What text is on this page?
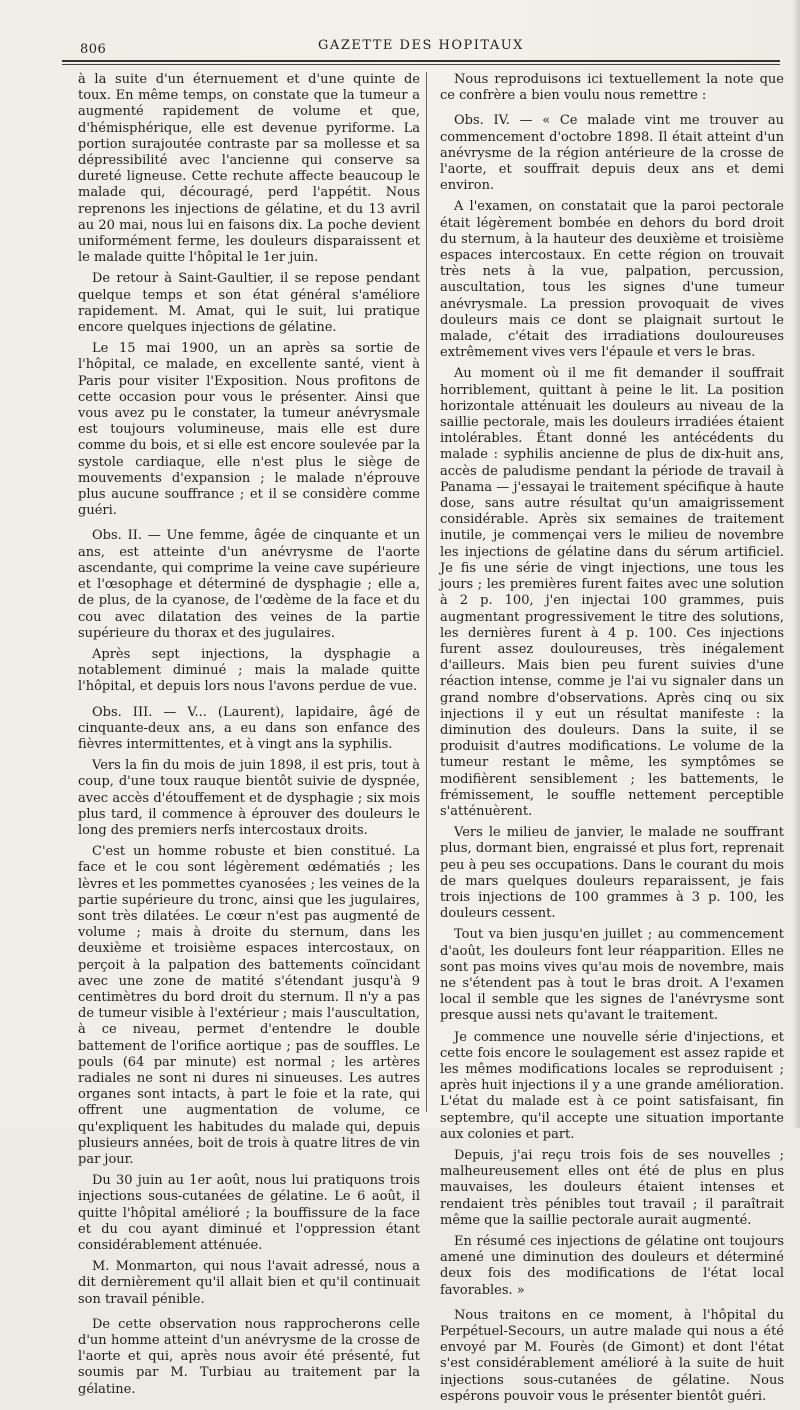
806	GAZETTE DES HOPITAUX

à la suite d'un éternuement et d'une quinte de toux. En même temps, on constate que la tumeur a augmenté rapidement de volume et que, d'hémisphérique, elle est devenue pyriforme. La portion surajoutée contraste par sa mollesse et sa dépressibilité avec l'ancienne qui conserve sa dureté ligneuse. Cette rechute affecte beaucoup le malade qui, découragé, perd l'appétit. Nous reprenons les injections de gélatine, et du 13 avril au 20 mai, nous lui en faisons dix. La poche devient uniformément ferme, les douleurs disparaissent et le malade quitte l'hôpital le 1er juin.

De retour à Saint-Gaultier, il se repose pendant quelque temps et son état général s'améliore rapidement. M. Amat, qui le suit, lui pratique encore quelques injections de gélatine.

Le 15 mai 1900, un an après sa sortie de l'hôpital, ce malade, en excellente santé, vient à Paris pour visiter l'Exposition. Nous profitons de cette occasion pour vous le présenter. Ainsi que vous avez pu le constater, la tumeur anévrysmale est toujours volumineuse, mais elle est dure comme du bois, et si elle est encore soulevée par la systole cardiaque, elle n'est plus le siège de mouvements d'expansion ; le malade n'éprouve plus aucune souffrance ; et il se considère comme guéri.

Obs. II. — Une femme, âgée de cinquante et un ans, est atteinte d'un anévrysme de l'aorte ascendante, qui comprime la veine cave supérieure et l'œsophage et déterminé de dysphagie ; elle a, de plus, de la cyanose, de l'œdème de la face et du cou avec dilatation des veines de la partie supérieure du thorax et des jugulaires.

Après sept injections, la dysphagie a notablement diminué ; mais la malade quitte l'hôpital, et depuis lors nous l'avons perdue de vue.

Obs. III. — V... (Laurent), lapidaire, âgé de cinquante-deux ans, a eu dans son enfance des fièvres intermittentes, et à vingt ans la syphilis.

Vers la fin du mois de juin 1898, il est pris, tout à coup, d'une toux rauque bientôt suivie de dyspnée, avec accès d'étouffement et de dysphagie ; six mois plus tard, il commence à éprouver des douleurs le long des premiers nerfs intercostaux droits.

C'est un homme robuste et bien constitué. La face et le cou sont légèrement œdématiés ; les lèvres et les pommettes cyanosées ; les veines de la partie supérieure du tronc, ainsi que les jugulaires, sont très dilatées. Le cœur n'est pas augmenté de volume ; mais à droite du sternum, dans les deuxième et troisième espaces intercostaux, on perçoit à la palpation des battements coïncidant avec une zone de matité s'étendant jusqu'à 9 centimètres du bord droit du sternum. Il n'y a pas de tumeur visible à l'extérieur ; mais l'auscultation, à ce niveau, permet d'entendre le double battement de l'orifice aortique ; pas de souffles. Le pouls (64 par minute) est normal ; les artères radiales ne sont ni dures ni sinueuses. Les autres organes sont intacts, à part le foie et la rate, qui offrent une augmentation de volume, ce qu'expliquent les habitudes du malade qui, depuis plusieurs années, boit de trois à quatre litres de vin par jour.

Du 30 juin au 1er août, nous lui pratiquons trois injections sous-cutanées de gélatine. Le 6 août, il quitte l'hôpital amélioré ; la bouffissure de la face et du cou ayant diminué et l'oppression étant considérablement atténuée.

M. Monmarton, qui nous l'avait adressé, nous a dit dernièrement qu'il allait bien et qu'il continuait son travail pénible.

De cette observation nous rapprocherons celle d'un homme atteint d'un anévrysme de la crosse de l'aorte et qui, après nous avoir été présenté, fut soumis par M. Turbiau au traitement par la gélatine.

Nous reproduisons ici textuellement la note que ce confrère a bien voulu nous remettre :

Obs. IV. — « Ce malade vint me trouver au commencement d'octobre 1898. Il était atteint d'un anévrysme de la région antérieure de la crosse de l'aorte, et souffrait depuis deux ans et demi environ.

A l'examen, on constatait que la paroi pectorale était légèrement bombée en dehors du bord droit du sternum, à la hauteur des deuxième et troisième espaces intercostaux. En cette région on trouvait très nets à la vue, palpation, percussion, auscultation, tous les signes d'une tumeur anévrysmale. La pression provoquait de vives douleurs mais ce dont se plaignait surtout le malade, c'était des irradiations douloureuses extrêmement vives vers l'épaule et vers le bras.

Au moment où il me fit demander il souffrait horriblement, quittant à peine le lit. La position horizontale atténuait les douleurs au niveau de la saillie pectorale, mais les douleurs irradiées étaient intolérables. Étant donné les antécédents du malade : syphilis ancienne de plus de dix-huit ans, accès de paludisme pendant la période de travail à Panama — j'essayai le traitement spécifique à haute dose, sans autre résultat qu'un amaigrissement considérable. Après six semaines de traitement inutile, je commençai vers le milieu de novembre les injections de gélatine dans du sérum artificiel. Je fis une série de vingt injections, une tous les jours ; les premières furent faites avec une solution à 2 p. 100, j'en injectai 100 grammes, puis augmentant progressivement le titre des solutions, les dernières furent à 4 p. 100. Ces injections furent assez douloureuses, très inégalement d'ailleurs. Mais bien peu furent suivies d'une réaction intense, comme je l'ai vu signaler dans un grand nombre d'observations. Après cinq ou six injections il y eut un résultat manifeste : la diminution des douleurs. Dans la suite, il se produisit d'autres modifications. Le volume de la tumeur restant le même, les symptômes se modifièrent sensiblement ; les battements, le frémissement, le souffle nettement perceptible s'atténuèrent.

Vers le milieu de janvier, le malade ne souffrant plus, dormant bien, engraissé et plus fort, reprenait peu à peu ses occupations. Dans le courant du mois de mars quelques douleurs reparaissent, je fais trois injections de 100 grammes à 3 p. 100, les douleurs cessent.

Tout va bien jusqu'en juillet ; au commencement d'août, les douleurs font leur réapparition. Elles ne sont pas moins vives qu'au mois de novembre, mais ne s'étendent pas à tout le bras droit. A l'examen local il semble que les signes de l'anévrysme sont presque aussi nets qu'avant le traitement.

Je commence une nouvelle série d'injections, et cette fois encore le soulagement est assez rapide et les mêmes modifications locales se reproduisent ; après huit injections il y a une grande amélioration. L'état du malade est à ce point satisfaisant, fin septembre, qu'il accepte une situation importante aux colonies et part.

Depuis, j'ai reçu trois fois de ses nouvelles ; malheureusement elles ont été de plus en plus mauvaises, les douleurs étaient intenses et rendaient très pénibles tout travail ; il paraîtrait même que la saillie pectorale aurait augmenté.

En résumé ces injections de gélatine ont toujours amené une diminution des douleurs et déterminé deux fois des modifications de l'état local favorables. »

Nous traitons en ce moment, à l'hôpital du Perpétuel-Secours, un autre malade qui nous a été envoyé par M. Fourès (de Gimont) et dont l'état s'est considérablement amélioré à la suite de huit injections sous-cutanées de gélatine. Nous espérons pouvoir vous le présenter bientôt guéri.
